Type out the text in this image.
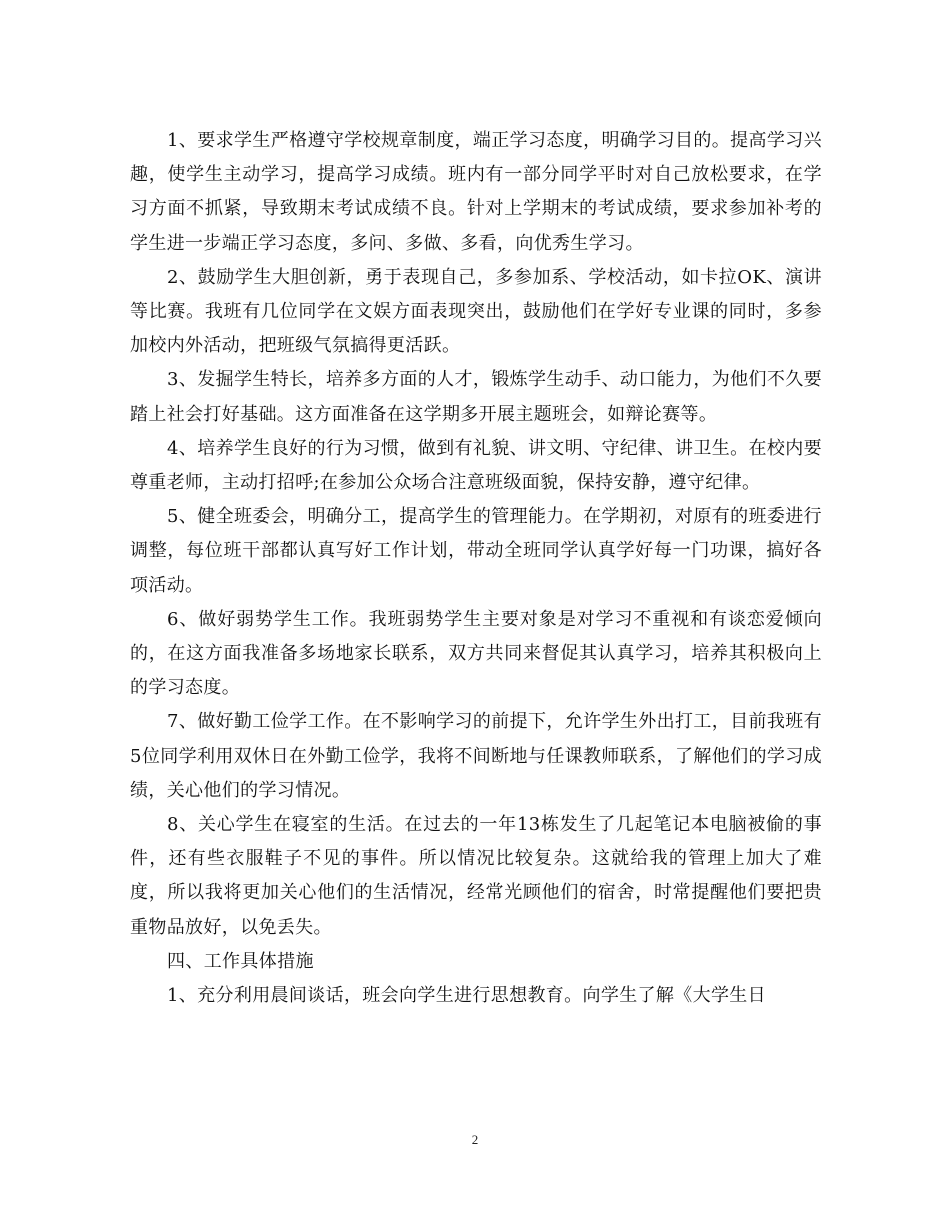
1、要求学生严格遵守学校规章制度，端正学习态度，明确学习目的。提高学习兴趣，使学生主动学习，提高学习成绩。班内有一部分同学平时对自己放松要求，在学习方面不抓紧，导致期末考试成绩不良。针对上学期末的考试成绩，要求参加补考的学生进一步端正学习态度，多问、多做、多看，向优秀生学习。

2、鼓励学生大胆创新，勇于表现自己，多参加系、学校活动，如卡拉OK、演讲等比赛。我班有几位同学在文娱方面表现突出，鼓励他们在学好专业课的同时，多参加校内外活动，把班级气氛搞得更活跃。

3、发掘学生特长，培养多方面的人才，锻炼学生动手、动口能力，为他们不久要踏上社会打好基础。这方面准备在这学期多开展主题班会，如辩论赛等。

4、培养学生良好的行为习惯，做到有礼貌、讲文明、守纪律、讲卫生。在校内要尊重老师，主动打招呼;在参加公众场合注意班级面貌，保持安静，遵守纪律。

5、健全班委会，明确分工，提高学生的管理能力。在学期初，对原有的班委进行调整，每位班干部都认真写好工作计划，带动全班同学认真学好每一门功课，搞好各项活动。

6、做好弱势学生工作。我班弱势学生主要对象是对学习不重视和有谈恋爱倾向的，在这方面我准备多场地家长联系，双方共同来督促其认真学习，培养其积极向上的学习态度。

7、做好勤工俭学工作。在不影响学习的前提下，允许学生外出打工，目前我班有5位同学利用双休日在外勤工俭学，我将不间断地与任课教师联系，了解他们的学习成绩，关心他们的学习情况。

8、关心学生在寝室的生活。在过去的一年13栋发生了几起笔记本电脑被偷的事件，还有些衣服鞋子不见的事件。所以情况比较复杂。这就给我的管理上加大了难度，所以我将更加关心他们的生活情况，经常光顾他们的宿舍，时常提醒他们要把贵重物品放好，以免丢失。

四、工作具体措施

1、充分利用晨间谈话，班会向学生进行思想教育。向学生了解《大学生日

2
